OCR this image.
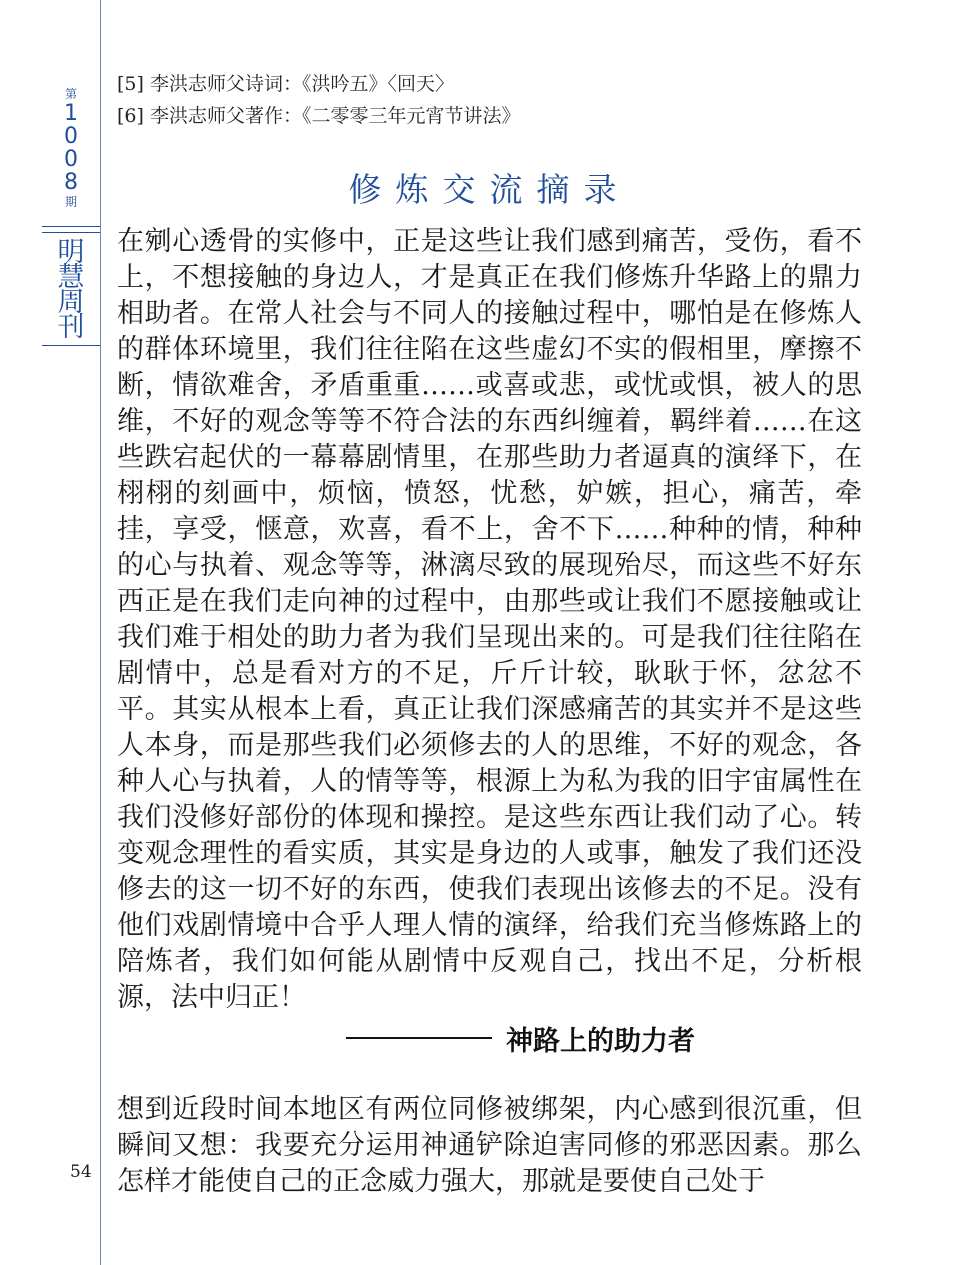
第
1
0
0
8
期
明
慧
周
刊
[5] 李洪志师父诗词：《洪吟五》〈回天〉
[6] 李洪志师父著作：《二零零三年元宵节讲法》
修炼交流摘录

在剜心透骨的实修中，正是这些让我们感到痛苦，受伤，看不上，不想接触的身边人，才是真正在我们修炼升华路上的鼎力相助者。在常人社会与不同人的接触过程中，哪怕是在修炼人的群体环境里，我们往往陷在这些虚幻不实的假相里，摩擦不断，情欲难舍，矛盾重重……或喜或悲，或忧或惧，被人的思维，不好的观念等等不符合法的东西纠缠着，羁绊着……在这些跌宕起伏的一幕幕剧情里，在那些助力者逼真的演绎下，在栩栩的刻画中，烦恼，愤怒，忧愁，妒嫉，担心，痛苦，牵挂，享受，惬意，欢喜，看不上，舍不下……种种的情，种种的心与执着、观念等等，淋漓尽致的展现殆尽，而这些不好东西正是在我们走向神的过程中，由那些或让我们不愿接触或让我们难于相处的助力者为我们呈现出来的。可是我们往往陷在剧情中，总是看对方的不足，斤斤计较，耿耿于怀，忿忿不平。其实从根本上看，真正让我们深感痛苦的其实并不是这些人本身，而是那些我们必须修去的人的思维，不好的观念，各种人心与执着，人的情等等，根源上为私为我的旧宇宙属性在我们没修好部份的体现和操控。是这些东西让我们动了心。转变观念理性的看实质，其实是身边的人或事，触发了我们还没修去的这一切不好的东西，使我们表现出该修去的不足。没有他们戏剧情境中合乎人理人情的演绎，给我们充当修炼路上的陪炼者，我们如何能从剧情中反观自己，找出不足，分析根源，法中归正！

神路上的助力者

想到近段时间本地区有两位同修被绑架，内心感到很沉重，但瞬间又想：我要充分运用神通铲除迫害同修的邪恶因素。那么怎样才能使自己的正念威力强大，那就是要使自己处于

54
